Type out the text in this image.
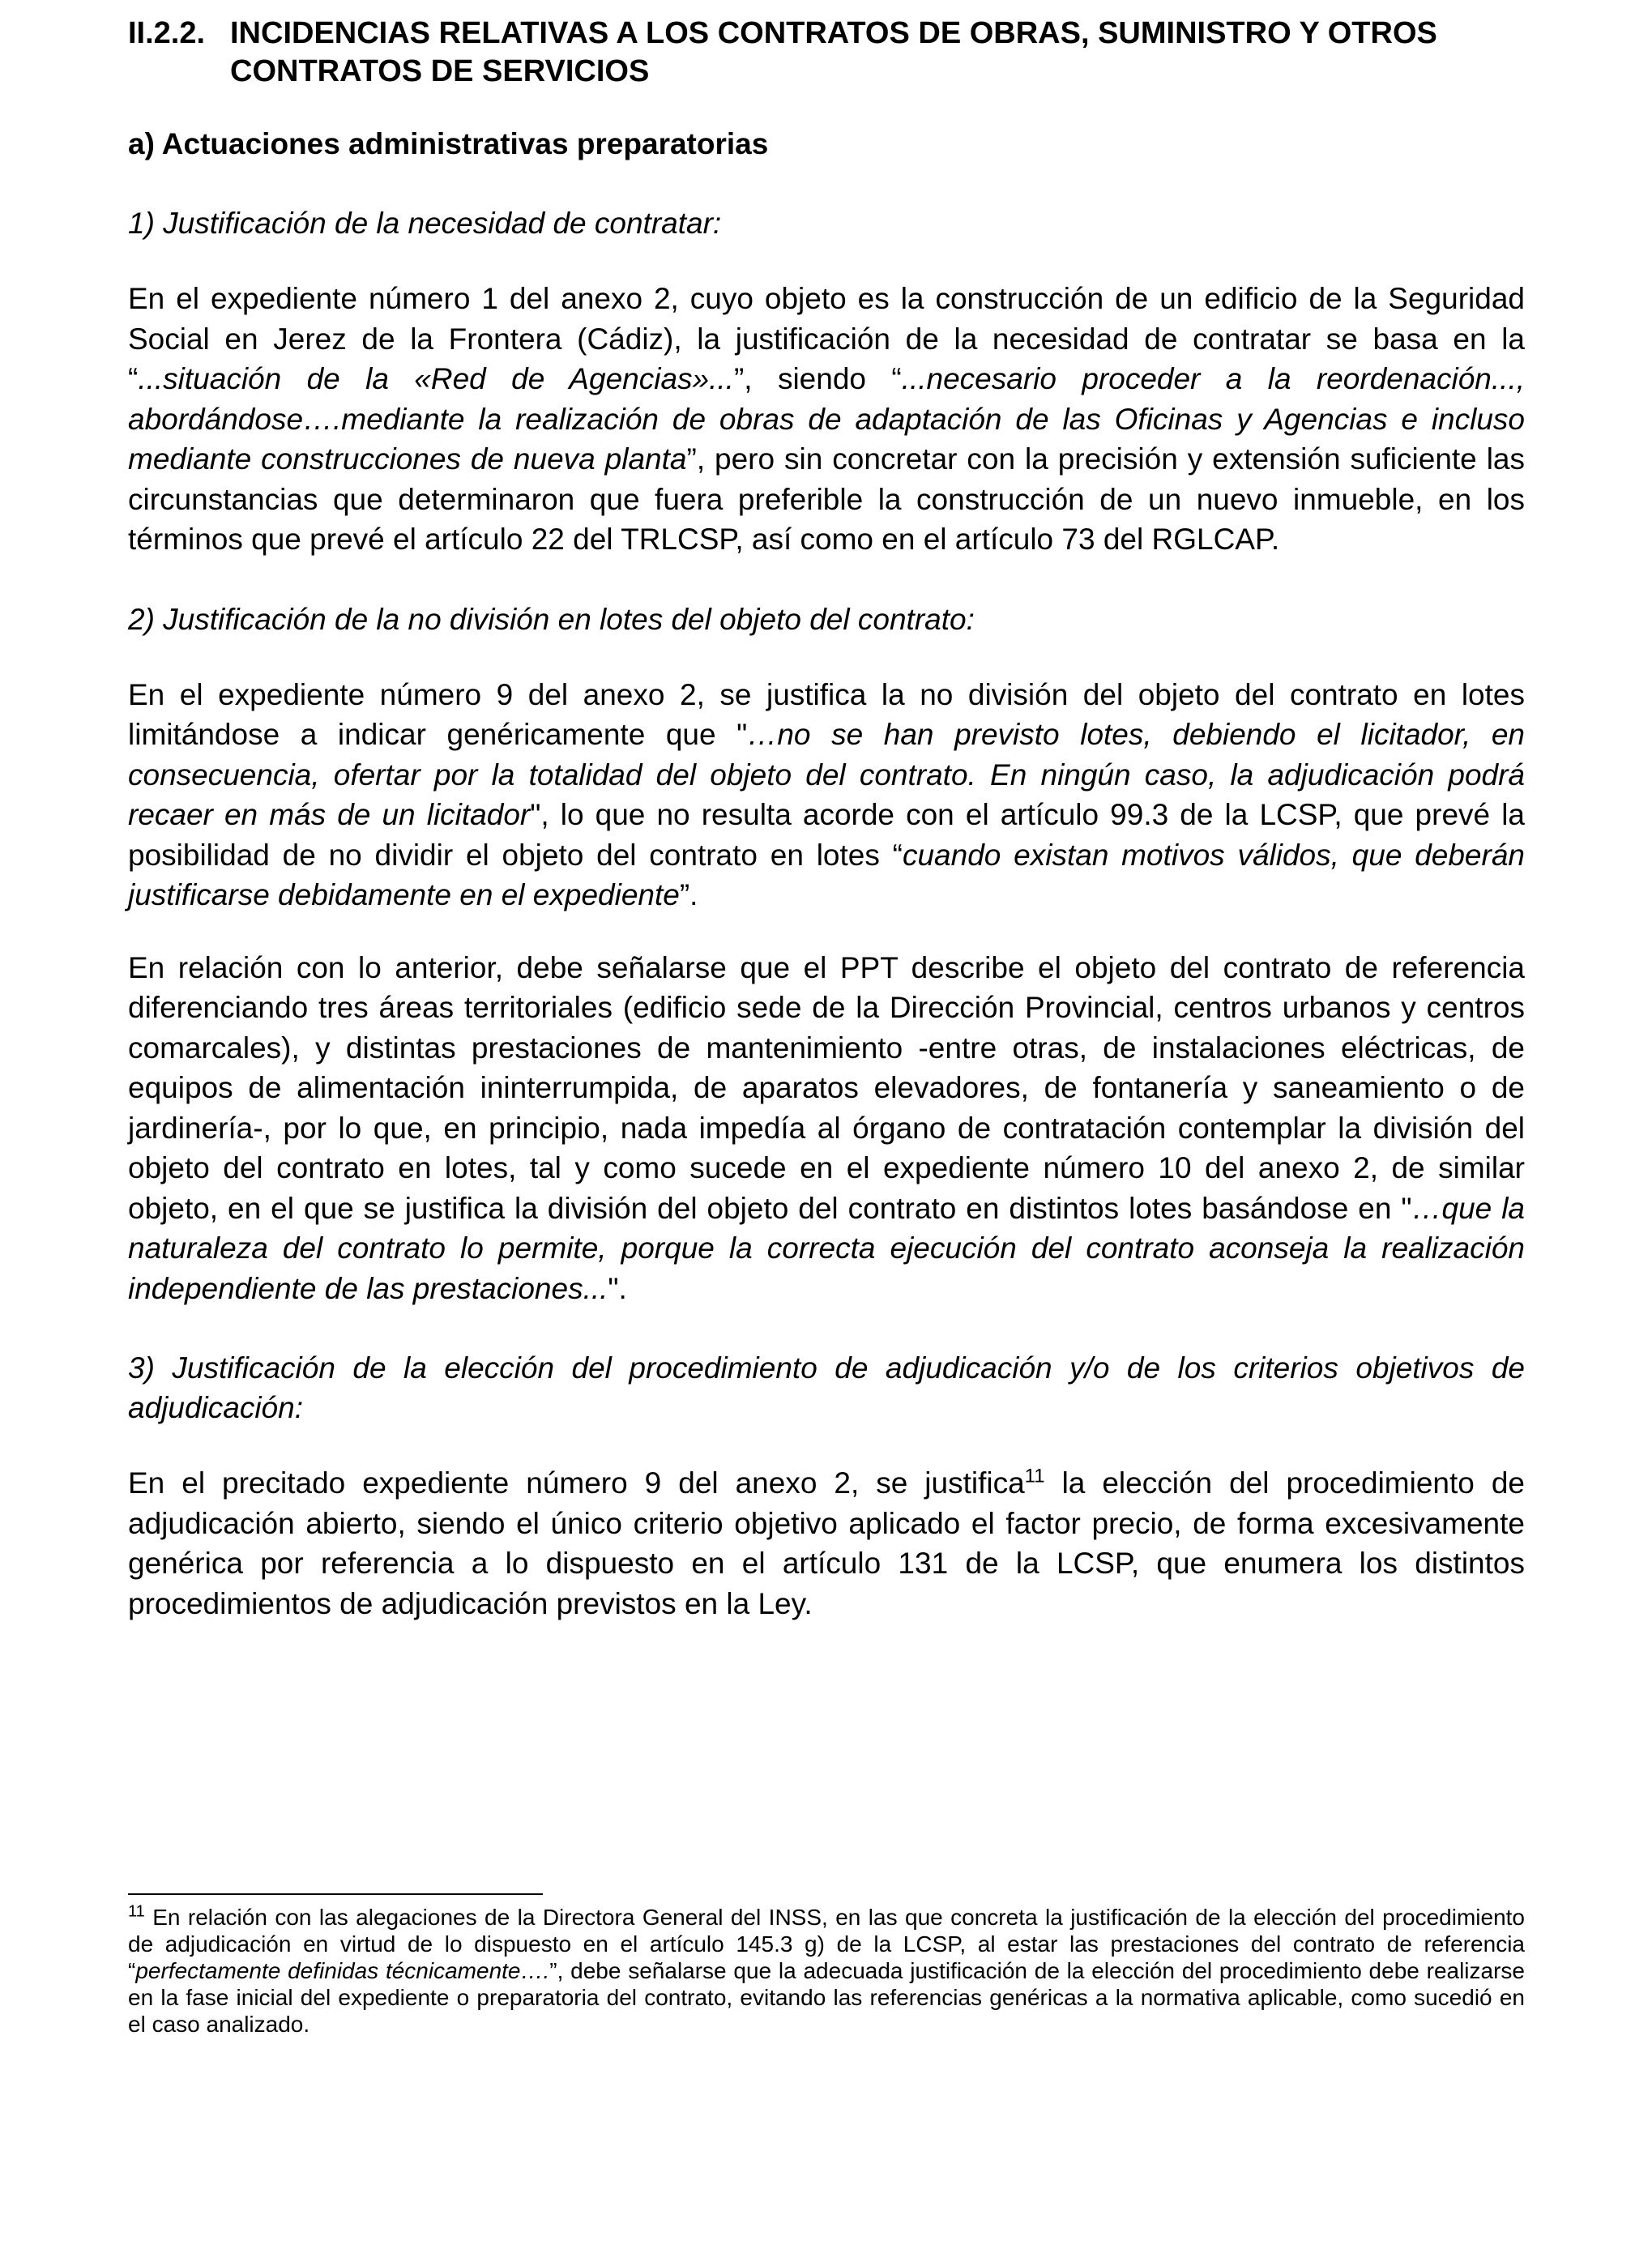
II.2.2. INCIDENCIAS RELATIVAS A LOS CONTRATOS DE OBRAS, SUMINISTRO Y OTROS CONTRATOS DE SERVICIOS
a) Actuaciones administrativas preparatorias
1) Justificación de la necesidad de contratar:

En el expediente número 1 del anexo 2, cuyo objeto es la construcción de un edificio de la Seguridad Social en Jerez de la Frontera (Cádiz), la justificación de la necesidad de contratar se basa en la “...situación de la «Red de Agencias»...”, siendo “...necesario proceder a la reordenación..., abordándose….mediante la realización de obras de adaptación de las Oficinas y Agencias e incluso mediante construcciones de nueva planta”, pero sin concretar con la precisión y extensión suficiente las circunstancias que determinaron que fuera preferible la construcción de un nuevo inmueble, en los términos que prevé el artículo 22 del TRLCSP, así como en el artículo 73 del RGLCAP.

2) Justificación de la no división en lotes del objeto del contrato:

En el expediente número 9 del anexo 2, se justifica la no división del objeto del contrato en lotes limitándose a indicar genéricamente que "…no se han previsto lotes, debiendo el licitador, en consecuencia, ofertar por la totalidad del objeto del contrato. En ningún caso, la adjudicación podrá recaer en más de un licitador", lo que no resulta acorde con el artículo 99.3 de la LCSP, que prevé la posibilidad de no dividir el objeto del contrato en lotes “cuando existan motivos válidos, que deberán justificarse debidamente en el expediente”.

En relación con lo anterior, debe señalarse que el PPT describe el objeto del contrato de referencia diferenciando tres áreas territoriales (edificio sede de la Dirección Provincial, centros urbanos y centros comarcales), y distintas prestaciones de mantenimiento -entre otras, de instalaciones eléctricas, de equipos de alimentación ininterrumpida, de aparatos elevadores, de fontanería y saneamiento o de jardinería-, por lo que, en principio, nada impedía al órgano de contratación contemplar la división del objeto del contrato en lotes, tal y como sucede en el expediente número 10 del anexo 2, de similar objeto, en el que se justifica la división del objeto del contrato en distintos lotes basándose en "…que la naturaleza del contrato lo permite, porque la correcta ejecución del contrato aconseja la realización independiente de las prestaciones...".

3) Justificación de la elección del procedimiento de adjudicación y/o de los criterios objetivos de adjudicación:

En el precitado expediente número 9 del anexo 2, se justifica$^{11}$ la elección del procedimiento de adjudicación abierto, siendo el único criterio objetivo aplicado el factor precio, de forma excesivamente genérica por referencia a lo dispuesto en el artículo 131 de la LCSP, que enumera los distintos procedimientos de adjudicación previstos en la Ley.

$^{11}$ En relación con las alegaciones de la Directora General del INSS, en las que concreta la justificación de la elección del procedimiento de adjudicación en virtud de lo dispuesto en el artículo 145.3 g) de la LCSP, al estar las prestaciones del contrato de referencia “perfectamente definidas técnicamente….”, debe señalarse que la adecuada justificación de la elección del procedimiento debe realizarse en la fase inicial del expediente o preparatoria del contrato, evitando las referencias genéricas a la normativa aplicable, como sucedió en el caso analizado.
